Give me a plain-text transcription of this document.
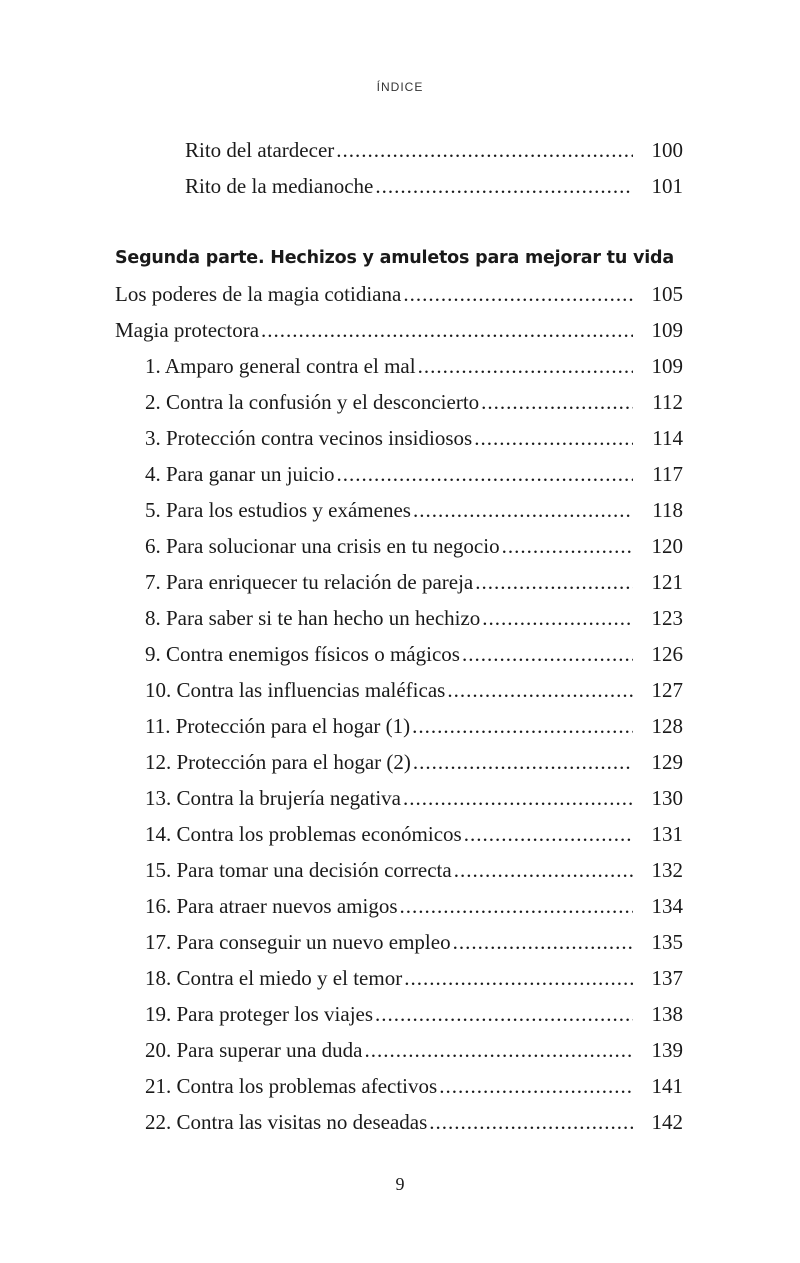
ÍNDICE
Rito del atardecer .....	100
Rito de la medianoche .....	101
Segunda parte. Hechizos y amuletos para mejorar tu vida
Los poderes de la magia cotidiana .....	105
Magia protectora .....	109
1. Amparo general contra el mal .....	109
2. Contra la confusión y el desconcierto .....	112
3. Protección contra vecinos insidiosos .....	114
4. Para ganar un juicio .....	117
5. Para los estudios y exámenes .....	118
6. Para solucionar una crisis en tu negocio .....	120
7. Para enriquecer tu relación de pareja .....	121
8. Para saber si te han hecho un hechizo .....	123
9. Contra enemigos físicos o mágicos .....	126
10. Contra las influencias maléficas .....	127
11. Protección para el hogar (1) .....	128
12. Protección para el hogar (2) .....	129
13. Contra la brujería negativa .....	130
14. Contra los problemas económicos .....	131
15. Para tomar una decisión correcta .....	132
16. Para atraer nuevos amigos .....	134
17. Para conseguir un nuevo empleo .....	135
18. Contra el miedo y el temor .....	137
19. Para proteger los viajes .....	138
20. Para superar una duda .....	139
21. Contra los problemas afectivos .....	141
22. Contra las visitas no deseadas .....	142
9
